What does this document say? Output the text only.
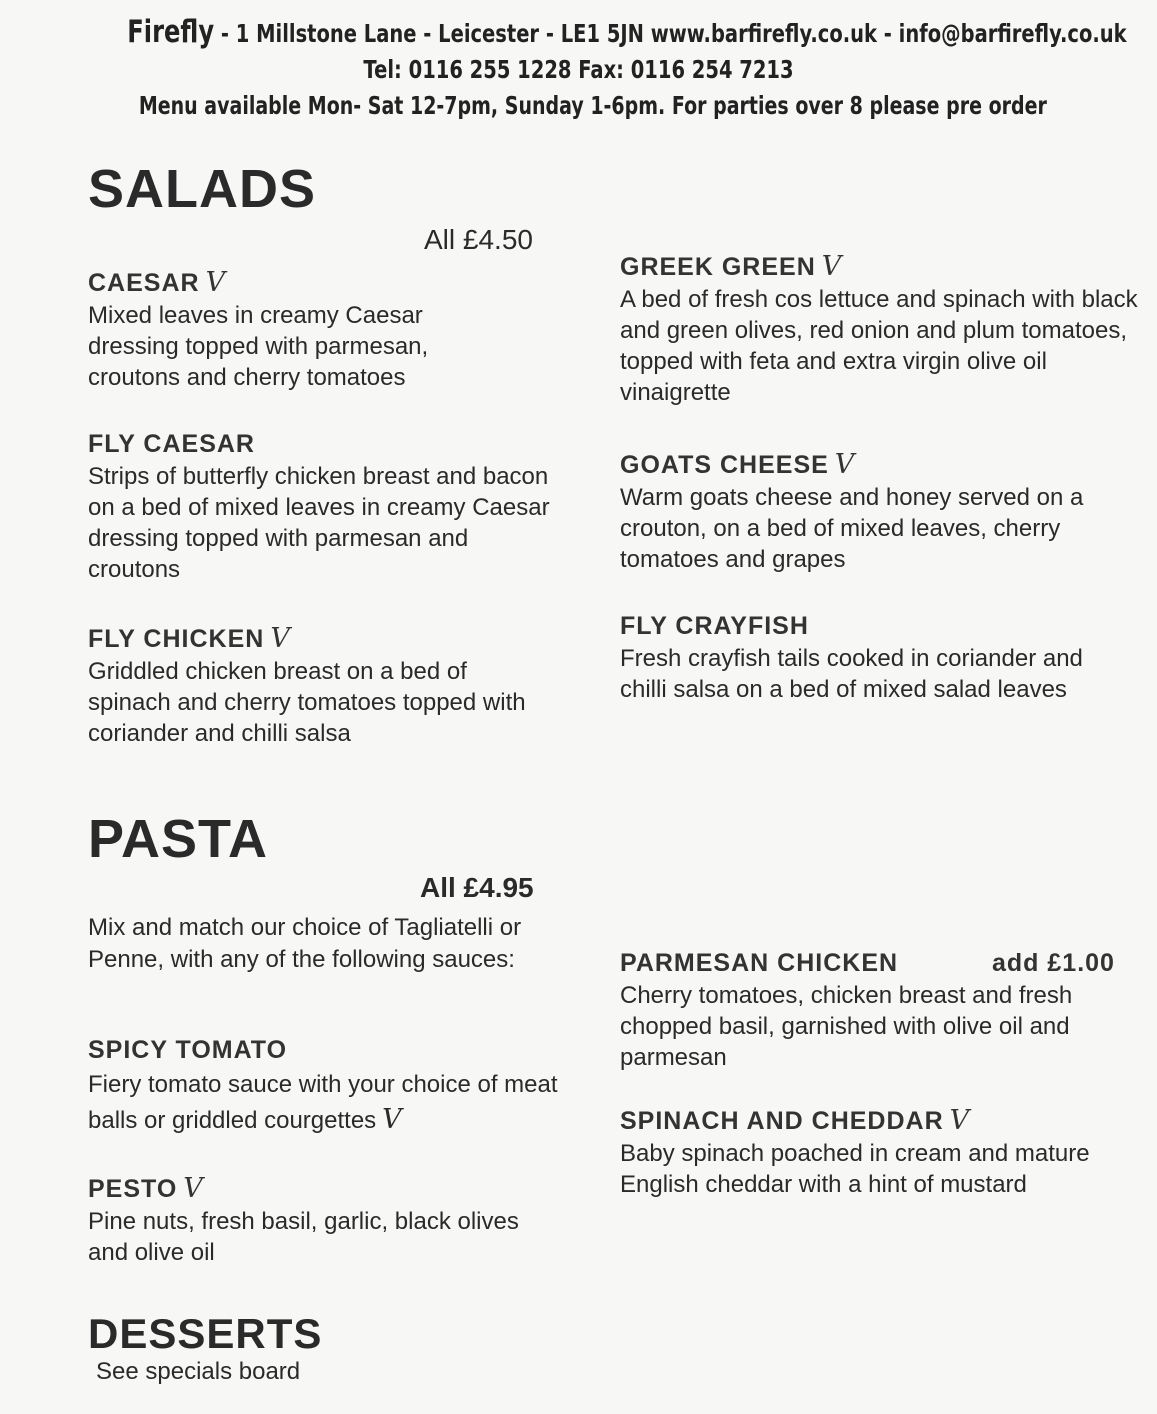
Firefly - 1 Millstone Lane - Leicester - LE1 5JN www.barfirefly.co.uk - info@barfirefly.co.uk
Tel: 0116 255 1228 Fax: 0116 254 7213
Menu available Mon- Sat 12-7pm, Sunday 1-6pm. For parties over 8 please pre order
SALADS
All £4.50
CAESAR V
Mixed leaves in creamy Caesar dressing topped with parmesan, croutons and cherry tomatoes
FLY CAESAR
Strips of butterfly chicken breast and bacon on a bed of mixed leaves in creamy Caesar dressing topped with parmesan and croutons
FLY CHICKEN V
Griddled chicken breast on a bed of spinach and cherry tomatoes topped with coriander and chilli salsa
GREEK GREEN V
A bed of fresh cos lettuce and spinach with black and green olives, red onion and plum tomatoes, topped with feta and extra virgin olive oil vinaigrette
GOATS CHEESE V
Warm goats cheese and honey served on a crouton, on a bed of mixed leaves, cherry tomatoes and grapes
FLY CRAYFISH
Fresh crayfish tails cooked in coriander and chilli salsa on a bed of mixed salad leaves
PASTA
All £4.95
Mix and match our choice of Tagliatelli or Penne, with any of the following sauces:
SPICY TOMATO
Fiery tomato sauce with your choice of meat balls or griddled courgettes V
PESTO V
Pine nuts, fresh basil, garlic, black olives and olive oil
PARMESAN CHICKEN	add £1.00
Cherry tomatoes, chicken breast and fresh chopped basil, garnished with olive oil and parmesan
SPINACH AND CHEDDAR V
Baby spinach poached in cream and mature English cheddar with a hint of mustard
DESSERTS
See specials board
